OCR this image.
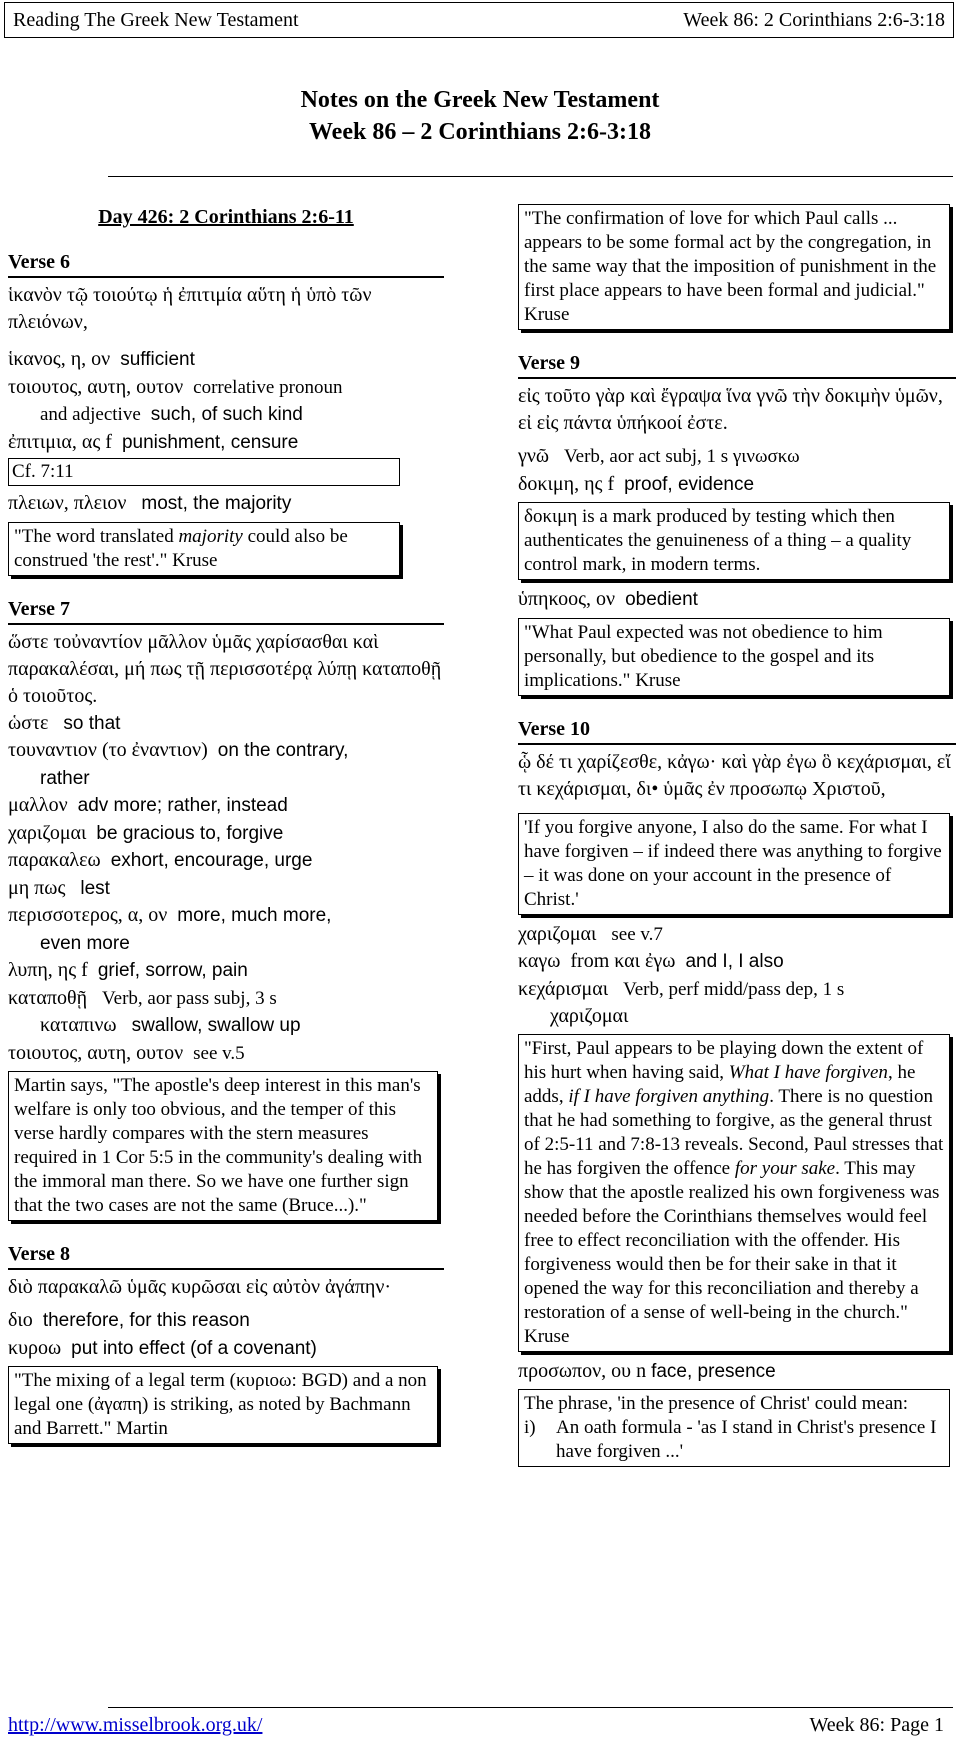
Reading The Greek New Testament	Week 86: 2 Corinthians 2:6-3:18
Notes on the Greek New Testament
Week 86 – 2 Corinthians 2:6-3:18
Day 426: 2 Corinthians 2:6-11
Verse 6
ἱκανὸν τῷ τοιούτῳ ἡ ἐπιτιμία αὕτη ἡ ὑπὸ τῶν πλειόνων,
ἱκανος, η, ον sufficient
τοιουτος, αυτη, ουτον correlative pronoun
and adjective such, of such kind
ἐπιτιμια, ας f punishment, censure
Cf. 7:11
πλειων, πλειον most, the majority
"The word translated majority could also be construed 'the rest'." Kruse
Verse 7
ὥστε τοὐναντίον μᾶλλον ὑμᾶς χαρίσασθαι καὶ παρακαλέσαι, μή πως τῇ περισσοτέρᾳ λύπῃ καταποθῇ ὁ τοιοῦτος.
ὡστε so that
τουναντιον (το ἐναντιον) on the contrary,
rather
μαλλον adv more; rather, instead
χαριζομαι be gracious to, forgive
παρακαλεω exhort, encourage, urge
μη πως lest
περισσοτερος, α, ον more, much more,
even more
λυπη, ης f grief, sorrow, pain
καταποθῇ Verb, aor pass subj, 3 s
καταπινω swallow, swallow up
τοιουτος, αυτη, ουτον see v.5
Martin says, "The apostle's deep interest in this man's welfare is only too obvious, and the temper of this verse hardly compares with the stern measures required in 1 Cor 5:5 in the community's dealing with the immoral man there. So we have one further sign that the two cases are not the same (Bruce...)."
Verse 8
διὸ παρακαλῶ ὑμᾶς κυρῶσαι εἰς αὐτὸν ἀγάπην·
διο therefore, for this reason
κυροω put into effect (of a covenant)
"The mixing of a legal term (κυριοω: BGD) and a non legal one (ἀγαπη) is striking, as noted by Bachmann and Barrett." Martin
"The confirmation of love for which Paul calls ... appears to be some formal act by the congregation, in the same way that the imposition of punishment in the first place appears to have been formal and judicial." Kruse
Verse 9
εἰς τοῦτο γὰρ καὶ ἔγραψα ἵνα γνῶ τὴν δοκιμὴν ὑμῶν, εἰ εἰς πάντα ὑπήκοοί ἐστε.
γνῶ Verb, aor act subj, 1 s γινωσκω
δοκιμη, ης f proof, evidence
δοκιμη is a mark produced by testing which then authenticates the genuineness of a thing – a quality control mark, in modern terms.
ὑπηκοος, ον obedient
"What Paul expected was not obedience to him personally, but obedience to the gospel and its implications." Kruse
Verse 10
ᾧ δέ τι χαρίζεσθε, κἀγω· καὶ γὰρ ἐγω ὃ κεχάρισμαι, εἴ τι κεχάρισμαι, δι• ὑμᾶς ἐν προσωπῳ Χριστοῦ,
'If you forgive anyone, I also do the same. For what I have forgiven – if indeed there was anything to forgive – it was done on your account in the presence of Christ.'
χαριζομαι see v.7
καγω from και ἐγω and I, I also
κεχάρισμαι Verb, perf midd/pass dep, 1 s
χαριζομαι
"First, Paul appears to be playing down the extent of his hurt when having said, What I have forgiven, he adds, if I have forgiven anything. There is no question that he had something to forgive, as the general thrust of 2:5-11 and 7:8-13 reveals. Second, Paul stresses that he has forgiven the offence for your sake. This may show that the apostle realized his own forgiveness was needed before the Corinthians themselves would feel free to effect reconciliation with the offender. His forgiveness would then be for their sake in that it opened the way for this reconciliation and thereby a restoration of a sense of well-being in the church." Kruse
προσωπον, ου n face, presence
The phrase, 'in the presence of Christ' could mean:
i)	An oath formula - 'as I stand in Christ's presence I have forgiven ...'
http://www.misselbrook.org.uk/	Week 86: Page 1
